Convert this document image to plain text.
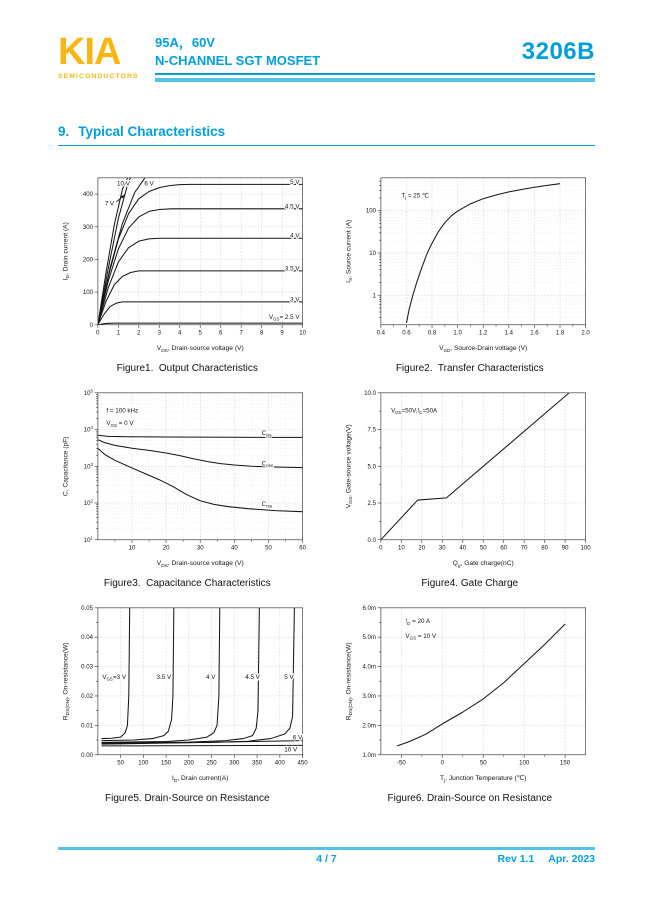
KIA
SEMICONDUCTORS
95A，60V
N-CHANNEL SGT MOSFET	3206B
9. Typical Characteristics
0	1	2	3	4	5	6	7	8	9 10
0
100
200
300
400
$V_{DS}$, Drain-source voltage (V)
$I_D$, Drain current (A)
10 V 6 V
7 V
5 V
4.5 V
4 V
3.5 V
3 V
$V_{GS}= 2.5$ V
Figure1.  Output Characteristics
0.4	0.6	0.8	1.0	1.2	1.4	1.6	1.8	2.0
1
10
100
$V_{SD}$, Source-Drain voltage (V)
$I_S$, Source current (A)
$T_j = 25$ ℃
Figure2.  Transfer Characteristics
10	20	30	40	50	60
$10^1$
$10^2$
$10^3$
$10^4$
$10^5$
$V_{DS}$, Drain-source voltage (V)
C, Capacitance (pF)
f = 100 kHz
$V_{GS} = 0$ V
$C_{iss}$
$C_{oss}$
$C_{rss}$
Figure3.  Capacitance Characteristics
0 10 20 30 40 50 60 70 80 90 100
0.0
2.5
5.0
7.5
10.0
$Q_g$, Gate charge(nC)
$V_{GS}$, Gate-source voltage(V)
$V_{DS}=50V,I_D=50A$
Figure4. Gate Charge
50 100 150 200 250 300 350 400 450
0.00
0.01
0.02
0.03
0.04
0.05
$I_D$, Drain current(A)
$R_{DS(ON)}$, On-resistance(W)	$V_{GS}=3$ V	3.5 V	4 V	4.5 V	5 V
6 V
10 V
Figure5. Drain-Source on Resistance
-50	0	50	100	150
1.0m
2.0m
3.0m
4.0m
5.0m
6.0m
$T_j$, Junction Temperature (℃)
$R_{DS(ON)}$, On-resistance(W)
$I_D = 20$ A
$V_{GS} = 10$ V
Figure6. Drain-Source on Resistance
4 / 7	Rev 1.1 Apr. 2023
